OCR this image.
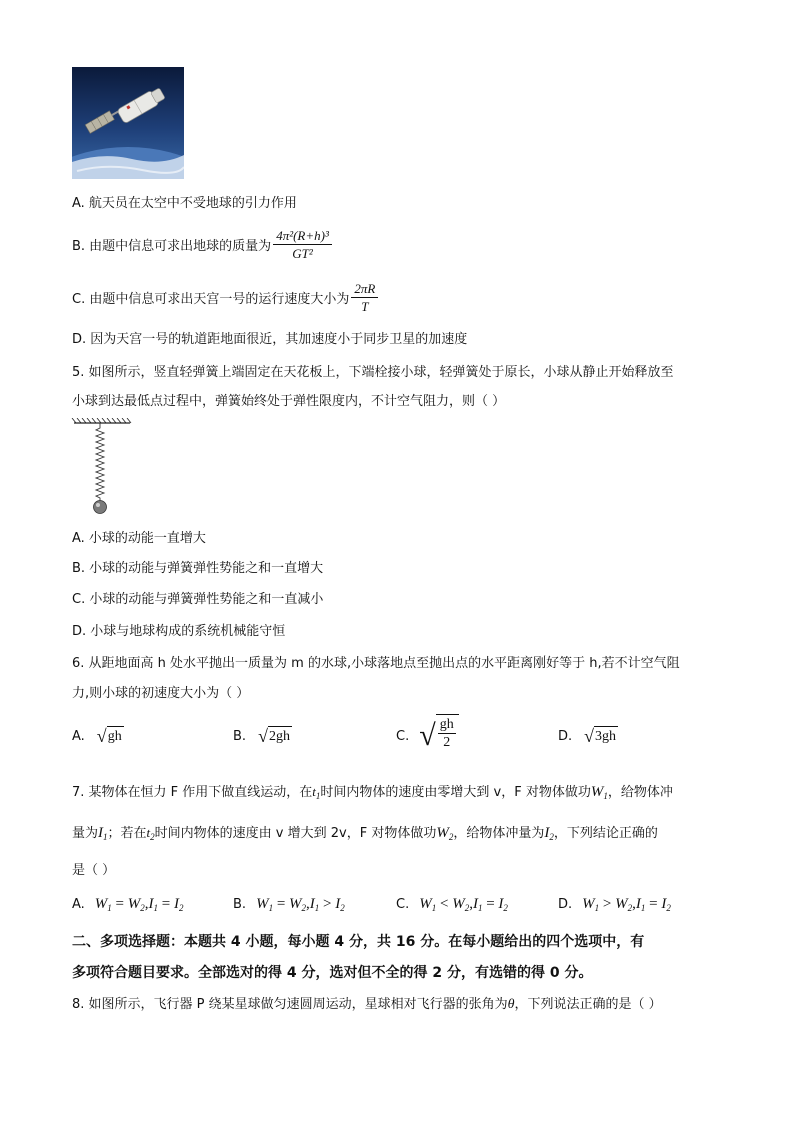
A. 航天员在太空中不受地球的引力作用
B. 由题中信息可求出地球的质量为 $\frac{\text{4π²(R+h)³}}{\text{GT²}}$
C. 由题中信息可求出天宫一号的运行速度大小为 $\frac{2\pi R}{T}$
D. 因为天宫一号的轨道距地面很近，其加速度小于同步卫星的加速度
5. 如图所示，竖直轻弹簧上端固定在天花板上，下端栓接小球，轻弹簧处于原长，小球从静止开始释放至
小球到达最低点过程中，弹簧始终处于弹性限度内，不计空气阻力，则（ ）
A. 小球的动能一直增大
B. 小球的动能与弹簧弹性势能之和一直增大
C. 小球的动能与弹簧弹性势能之和一直减小
D. 小球与地球构成的系统机械能守恒
6. 从距地面高 h 处水平抛出一质量为 m 的水球,小球落地点至抛出点的水平距离刚好等于 h,若不计空气阻
力,则小球的初速度大小为（ ）
A. √ gh	B. √ 2gh	C. √ $\frac{gh}{2}$	D. √ 3gh
7. 某物体在恒力 F 作用下做直线运动，在$t_1$时间内物体的速度由零增大到 v，F 对物体做功$W_1$，给物体冲
量为$I_1$；若在$t_2$时间内物体的速度由 v 增大到 2v，F 对物体做功$W_2$，给物体冲量为$I_2$，下列结论正确的
是（ ）
A. $W_1 = W_2,I_1 = I_2$	B. $W_1 = W_2,I_1 > I_2$	C. $W_1 < W_2,I_1 = I_2$	D. $W_1 > W_2,I_1 = I_2$
二、多项选择题：本题共 4 小题，每小题 4 分，共 16 分。在每小题给出的四个选项中，有
多项符合题目要求。全部选对的得 4 分，选对但不全的得 2 分，有选错的得 0 分。
8. 如图所示，飞行器 P 绕某星球做匀速圆周运动，星球相对飞行器的张角为θ，下列说法正确的是（ ）
